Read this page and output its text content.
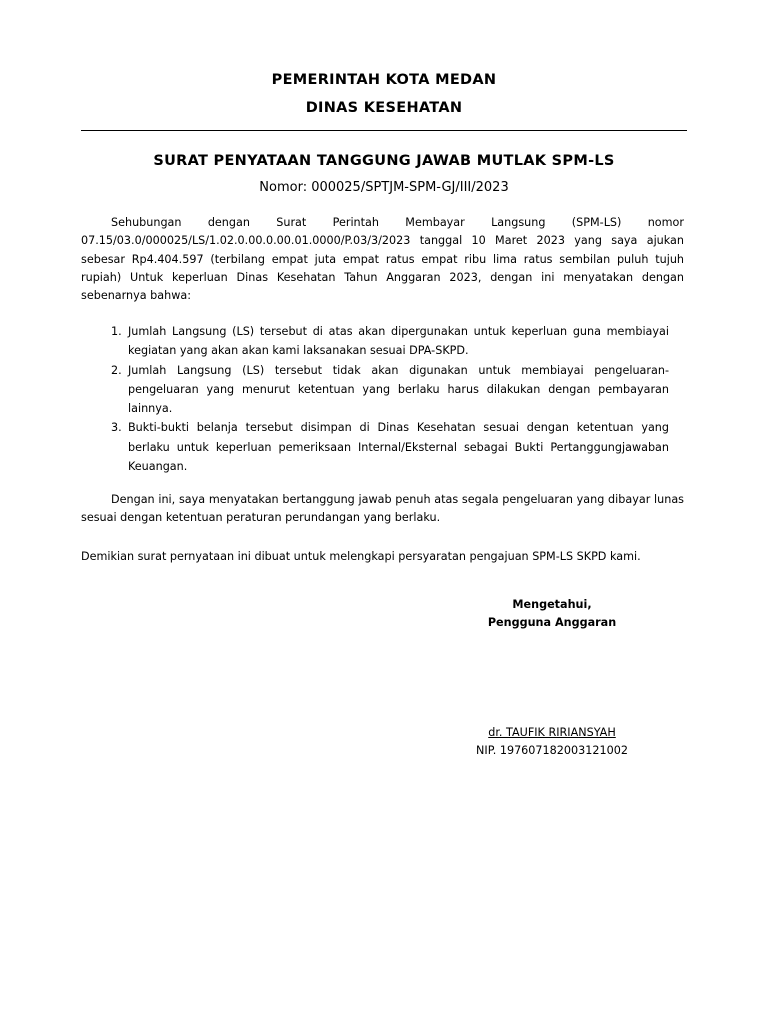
PEMERINTAH KOTA MEDAN
DINAS KESEHATAN
SURAT PENYATAAN TANGGUNG JAWAB MUTLAK SPM-LS
Nomor: 000025/SPTJM-SPM-GJ/III/2023
Sehubungan dengan Surat Perintah Membayar Langsung (SPM-LS) nomor 07.15/03.0/000025/LS/1.02.0.00.0.00.01.0000/P.03/3/2023 tanggal 10 Maret 2023 yang saya ajukan sebesar Rp4.404.597 (terbilang empat juta empat ratus empat ribu lima ratus sembilan puluh tujuh rupiah) Untuk keperluan Dinas Kesehatan Tahun Anggaran 2023, dengan ini menyatakan dengan sebenarnya bahwa:
1. Jumlah Langsung (LS) tersebut di atas akan dipergunakan untuk keperluan guna membiayai kegiatan yang akan akan kami laksanakan sesuai DPA-SKPD.
2. Jumlah Langsung (LS) tersebut tidak akan digunakan untuk membiayai pengeluaran-pengeluaran yang menurut ketentuan yang berlaku harus dilakukan dengan pembayaran lainnya.
3. Bukti-bukti belanja tersebut disimpan di Dinas Kesehatan sesuai dengan ketentuan yang berlaku untuk keperluan pemeriksaan Internal/Eksternal sebagai Bukti Pertanggungjawaban Keuangan.
Dengan ini, saya menyatakan bertanggung jawab penuh atas segala pengeluaran yang dibayar lunas sesuai dengan ketentuan peraturan perundangan yang berlaku.
Demikian surat pernyataan ini dibuat untuk melengkapi persyaratan pengajuan SPM-LS SKPD kami.
Mengetahui,
Pengguna Anggaran
dr. TAUFIK RIRIANSYAH
NIP. 197607182003121002
